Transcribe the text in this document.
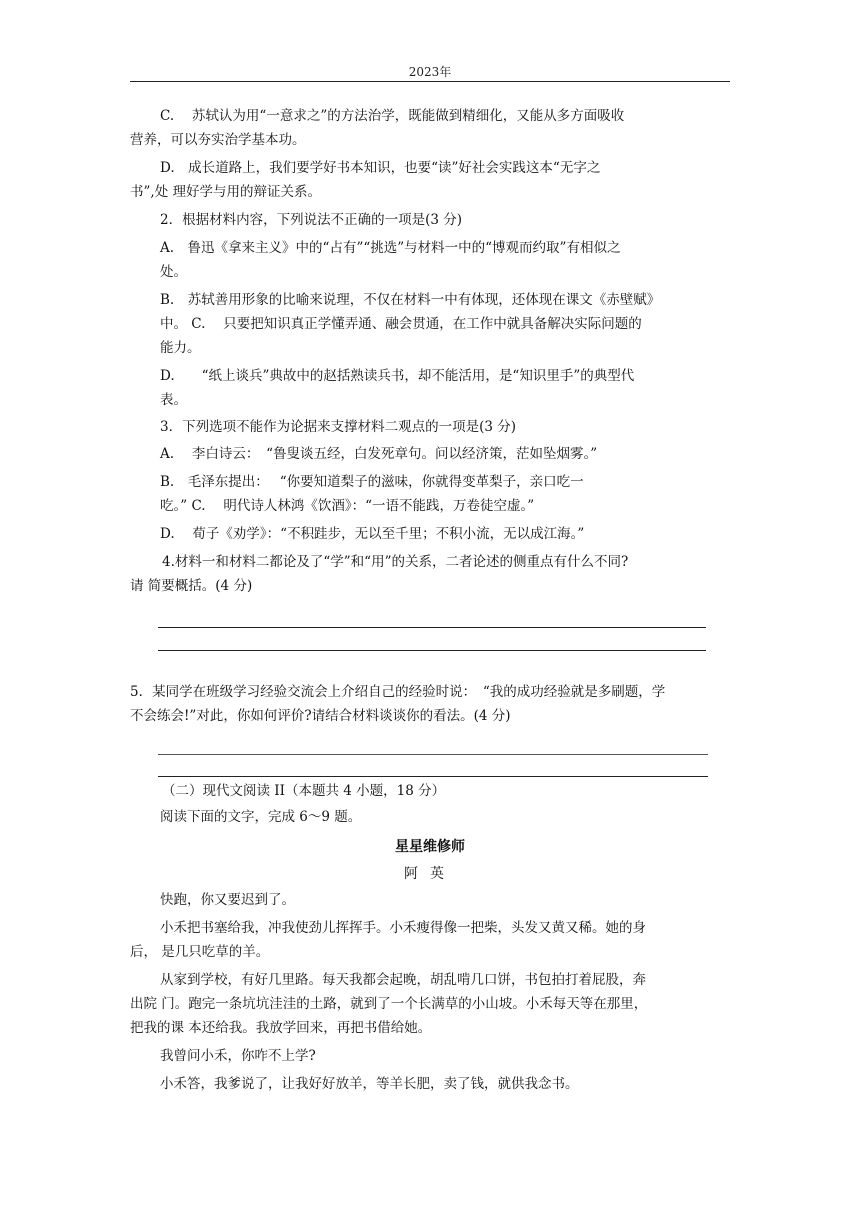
2023年
C.　 苏轼认为用“一意求之”的方法治学，既能做到精细化，又能从多方面吸收
营养，可以夯实治学基本功。
D.　成长道路上，我们要学好书本知识，也要“读”好社会实践这本“无字之
书”,处 理好学与用的辩证关系。
2．根据材料内容，下列说法不正确的一项是(3 分)
A.　鲁迅《拿来主义》中的“占有”“挑选”与材料一中的“博观而约取”有相似之
处。
B.　苏轼善用形象的比喻来说理，不仅在材料一中有体现，还体现在课文《赤壁赋》
中。 C.　 只要把知识真正学懂弄通、融会贯通，在工作中就具备解决实际问题的
能力。
D.　　“纸上谈兵”典故中的赵括熟读兵书，却不能活用，是“知识里手”的典型代
表。
3．下列选项不能作为论据来支撑材料二观点的一项是(3 分)
A.　 李白诗云：　“鲁叟谈五经，白发死章句。问以经济策，茫如坠烟雾。”
B.　毛泽东提出：　 “你要知道梨子的滋味，你就得变革梨子，亲口吃一
吃。” C.　 明代诗人林鸿《饮酒》：“一语不能践，万卷徒空虚。”
D.　 荀子《劝学》：“不积跬步，无以至千里；不积小流，无以成江海。”
4.材料一和材料二都论及了“学”和“用”的关系，二者论述的侧重点有什么不同?
请 简要概括。(4 分)
5．某同学在班级学习经验交流会上介绍自己的经验时说：　“我的成功经验就是多刷题，学
不会练会!”对此，你如何评价?请结合材料谈谈你的看法。(4 分)
（二）现代文阅读 II（本题共 4 小题，18 分）
阅读下面的文字，完成 6～9 题。
星星维修师
阿英
快跑，你又要迟到了。
小禾把书塞给我，冲我使劲儿挥挥手。小禾瘦得像一把柴，头发又黄又稀。她的身
后， 是几只吃草的羊。
从家到学校，有好几里路。每天我都会起晚，胡乱啃几口饼，书包拍打着屁股，奔
出院 门。跑完一条坑坑洼洼的土路，就到了一个长满草的小山坡。小禾每天等在那里，
把我的课 本还给我。我放学回来，再把书借给她。
我曾问小禾，你咋不上学?
小禾答，我爹说了，让我好好放羊，等羊长肥，卖了钱，就供我念书。
